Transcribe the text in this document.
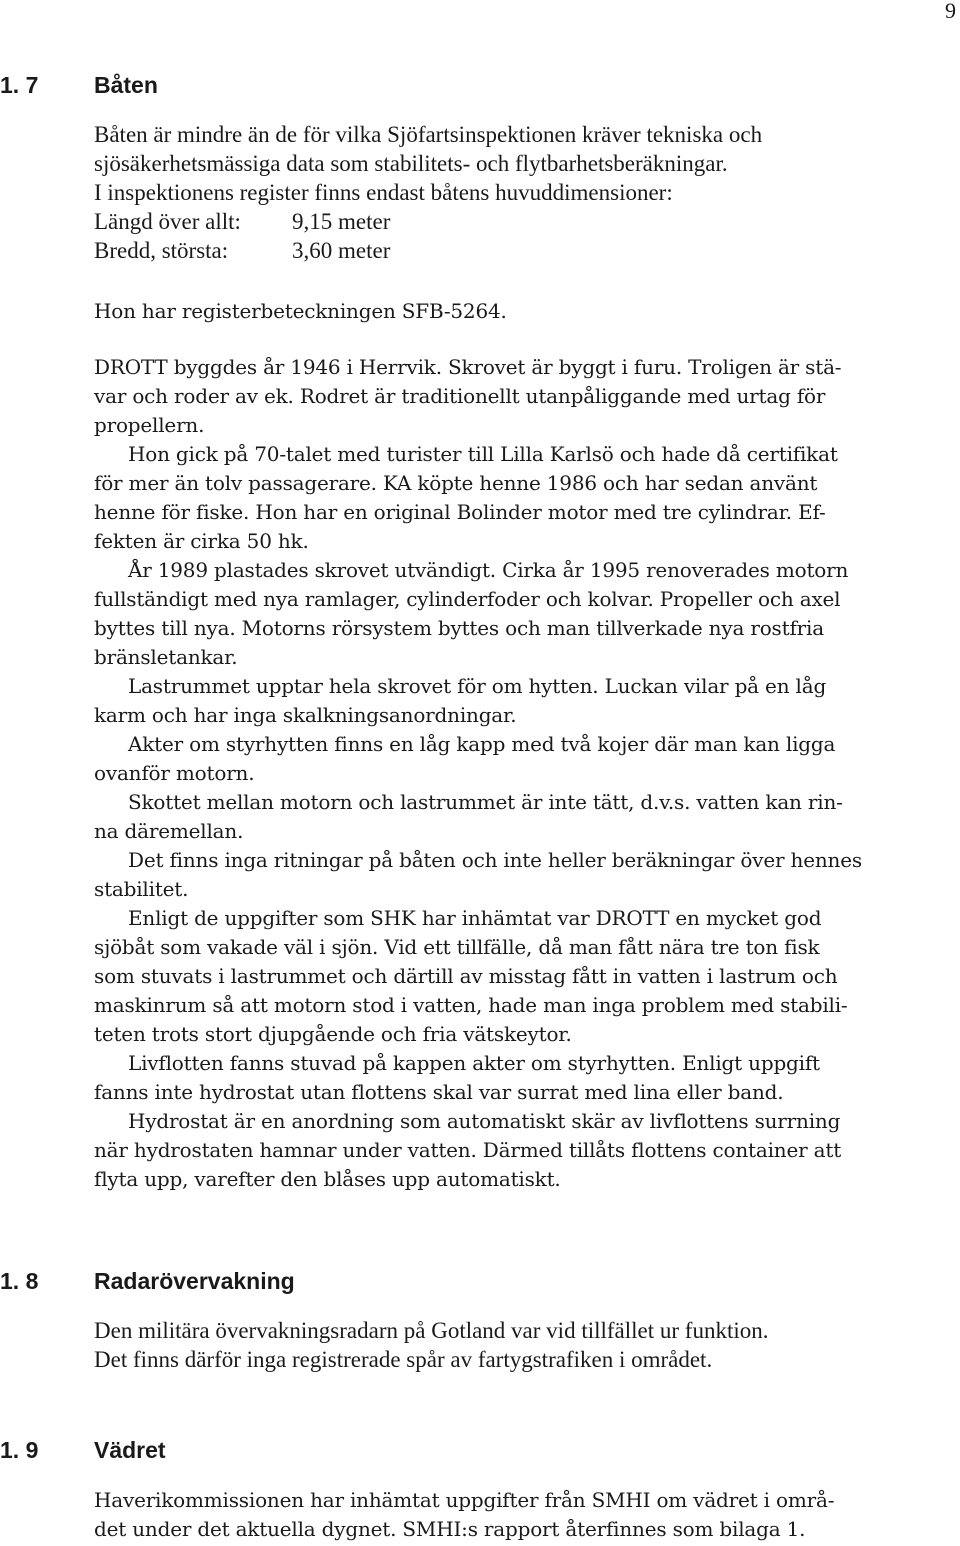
9
1. 7 Båten
Båten är mindre än de för vilka Sjöfartsinspektionen kräver tekniska och
sjösäkerhetsmässiga data som stabilitets- och flytbarhetsberäkningar.
I inspektionens register finns endast båtens huvuddimensioner:
Längd över allt: 9,15 meter
Bredd, största:	3,60 meter
Hon har registerbeteckningen SFB-5264.
DROTT byggdes år 1946 i Herrvik. Skrovet är byggt i furu. Troligen är stä-
var och roder av ek. Rodret är traditionellt utanpåliggande med urtag för
propellern.
Hon gick på 70-talet med turister till Lilla Karlsö och hade då certifikat
för mer än tolv passagerare. KA köpte henne 1986 och har sedan använt
henne för fiske. Hon har en original Bolinder motor med tre cylindrar. Ef-
fekten är cirka 50 hk.
År 1989 plastades skrovet utvändigt. Cirka år 1995 renoverades motorn
fullständigt med nya ramlager, cylinderfoder och kolvar. Propeller och axel
byttes till nya. Motorns rörsystem byttes och man tillverkade nya rostfria
bränsletankar.
Lastrummet upptar hela skrovet för om hytten. Luckan vilar på en låg
karm och har inga skalkningsanordningar.
Akter om styrhytten finns en låg kapp med två kojer där man kan ligga
ovanför motorn.
Skottet mellan motorn och lastrummet är inte tätt, d.v.s. vatten kan rin-
na däremellan.
Det finns inga ritningar på båten och inte heller beräkningar över hennes
stabilitet.
Enligt de uppgifter som SHK har inhämtat var DROTT en mycket god
sjöbåt som vakade väl i sjön. Vid ett tillfälle, då man fått nära tre ton fisk
som stuvats i lastrummet och därtill av misstag fått in vatten i lastrum och
maskinrum så att motorn stod i vatten, hade man inga problem med stabili-
teten trots stort djupgående och fria vätskeytor.
Livflotten fanns stuvad på kappen akter om styrhytten. Enligt uppgift
fanns inte hydrostat utan flottens skal var surrat med lina eller band.
Hydrostat är en anordning som automatiskt skär av livflottens surrning
när hydrostaten hamnar under vatten. Därmed tillåts flottens container att
flyta upp, varefter den blåses upp automatiskt.
1. 8 Radarövervakning
Den militära övervakningsradarn på Gotland var vid tillfället ur funktion.
Det finns därför inga registrerade spår av fartygstrafiken i området.
1. 9 Vädret
Haverikommissionen har inhämtat uppgifter från SMHI om vädret i områ-
det under det aktuella dygnet. SMHI:s rapport återfinnes som bilaga 1.
